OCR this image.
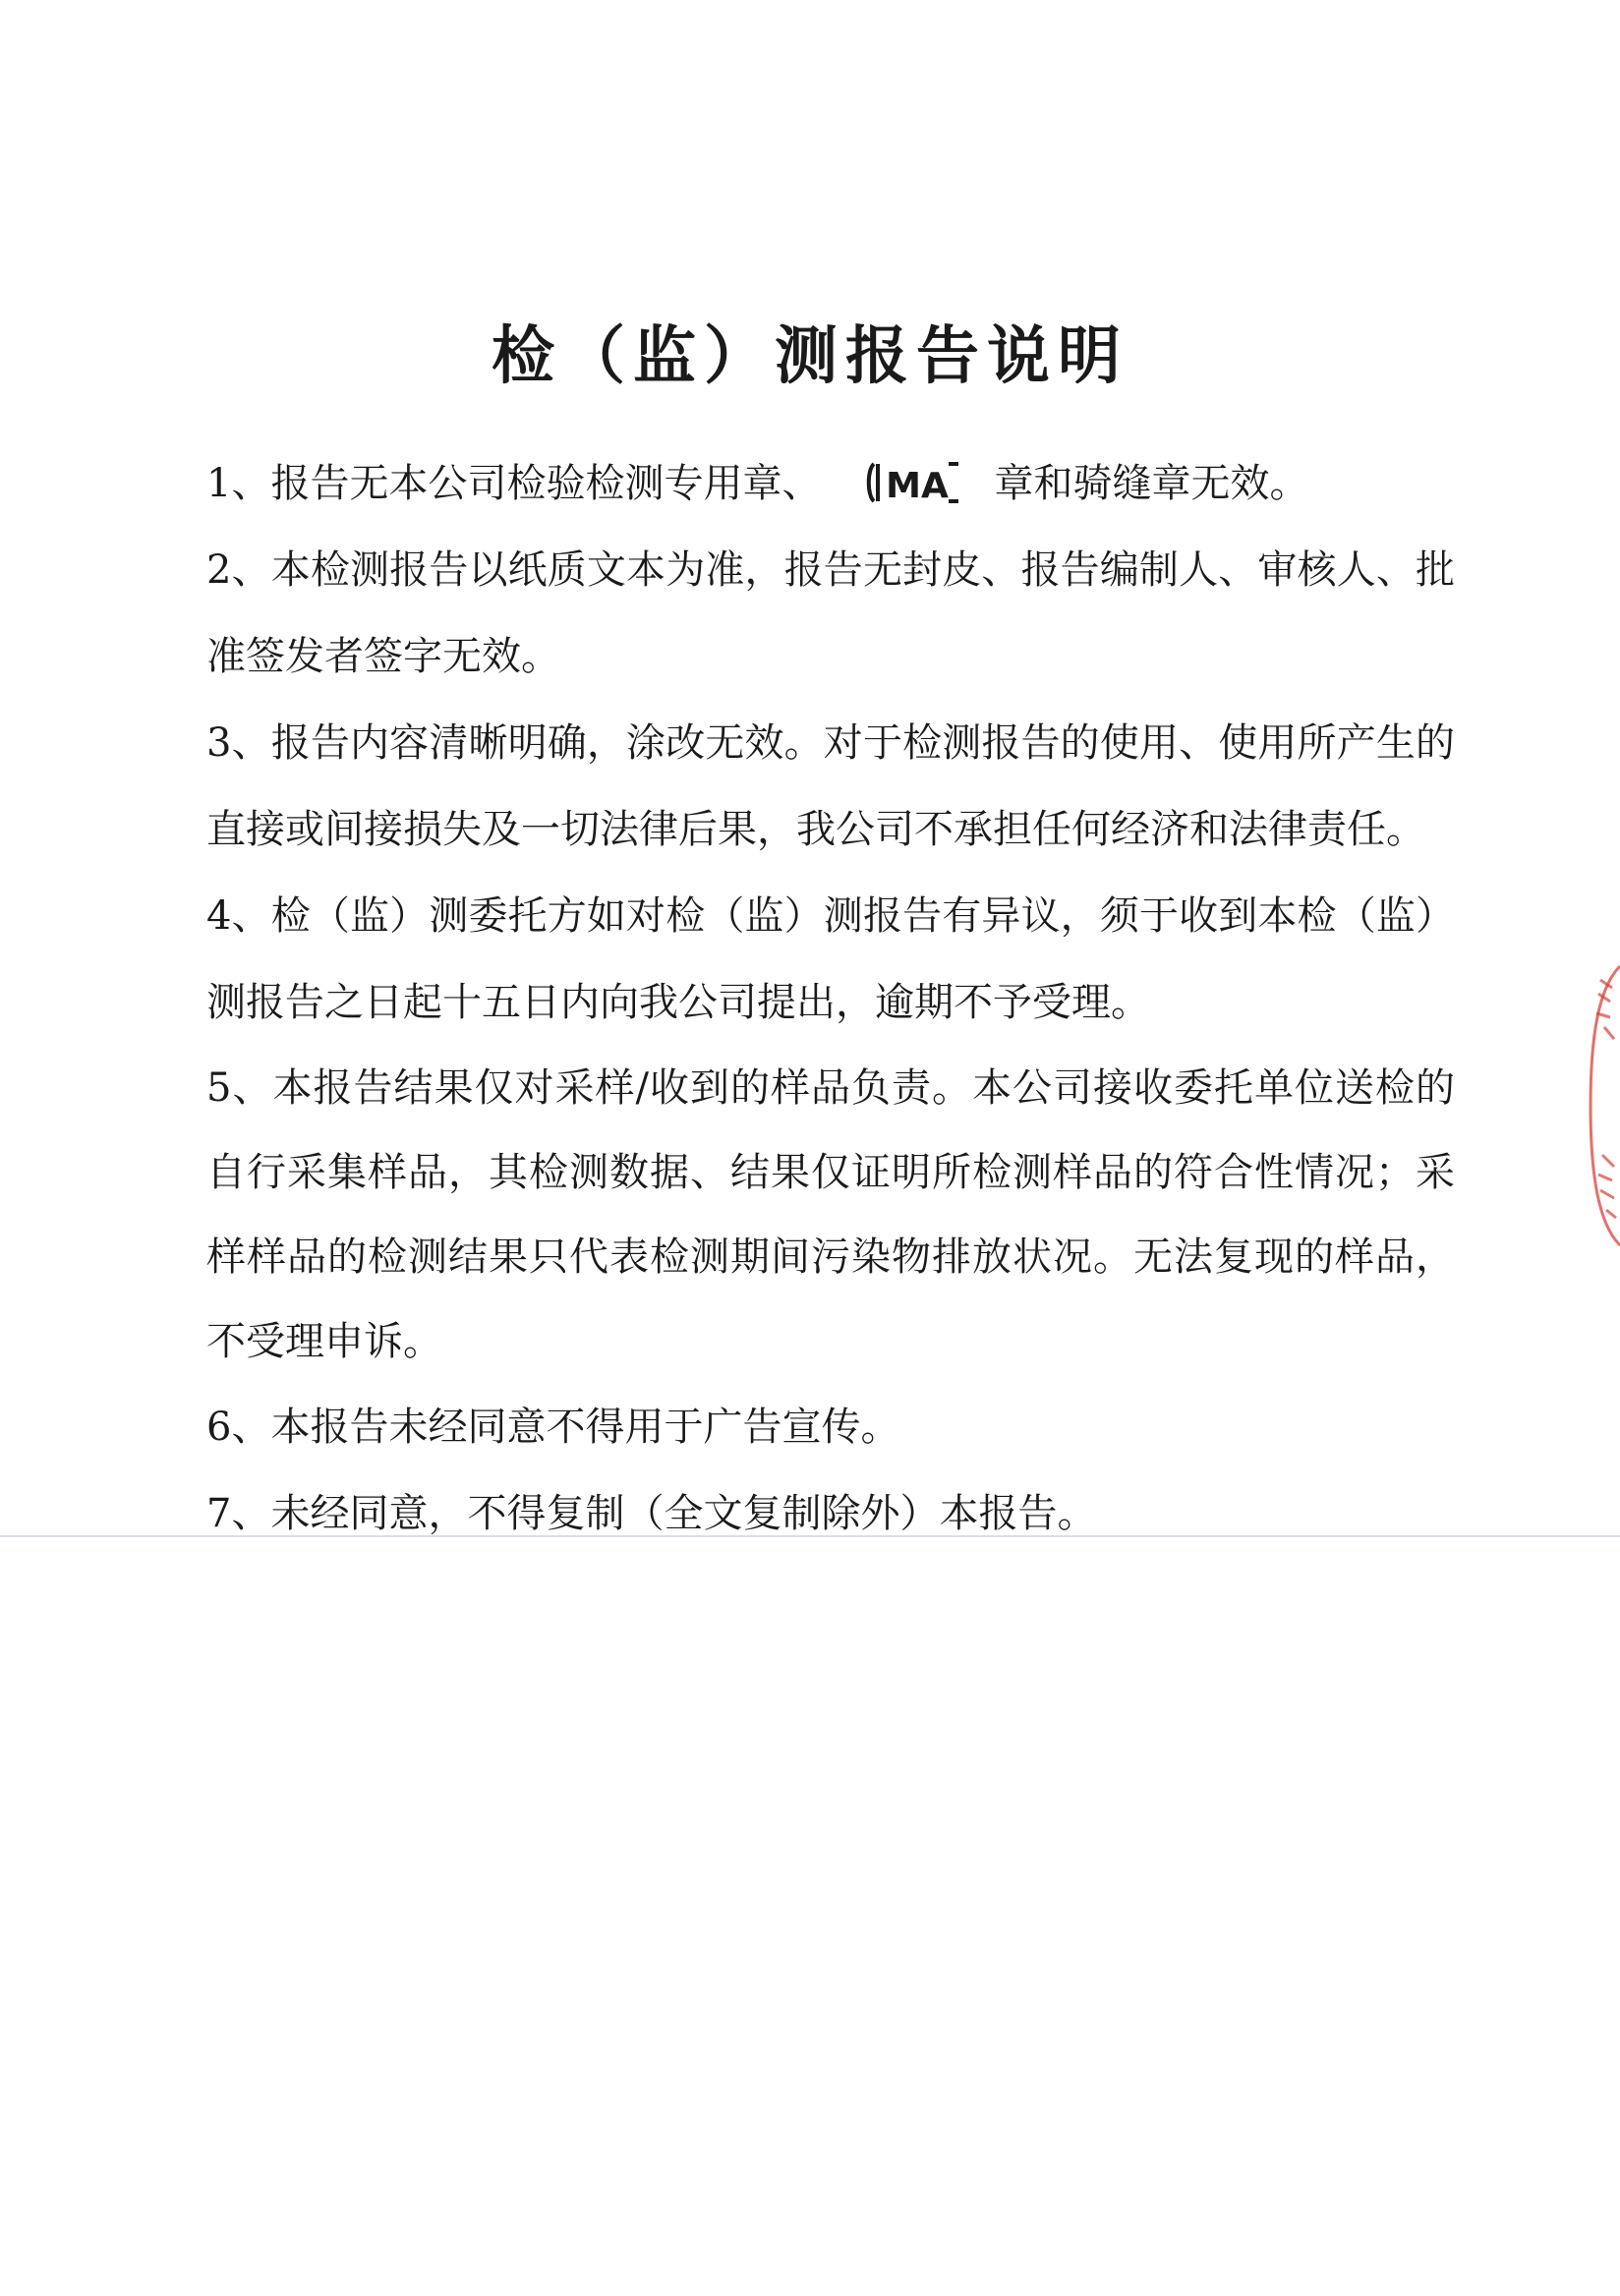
检（监）测报告说明

1、报告无本公司检验检测专用章、 MA 章和骑缝章无效。

2、本检测报告以纸质文本为准，报告无封皮、报告编制人、审核人、批准签发者签字无效。

3、报告内容清晰明确，涂改无效。对于检测报告的使用、使用所产生的直接或间接损失及一切法律后果，我公司不承担任何经济和法律责任。

4、检（监）测委托方如对检（监）测报告有异议，须于收到本检（监）测报告之日起十五日内向我公司提出，逾期不予受理。

5、本报告结果仅对采样/收到的样品负责。本公司接收委托单位送检的自行采集样品，其检测数据、结果仅证明所检测样品的符合性情况；采样样品的检测结果只代表检测期间污染物排放状况。无法复现的样品，不受理申诉。

6、本报告未经同意不得用于广告宣传。

7、未经同意，不得复制（全文复制除外）本报告。
